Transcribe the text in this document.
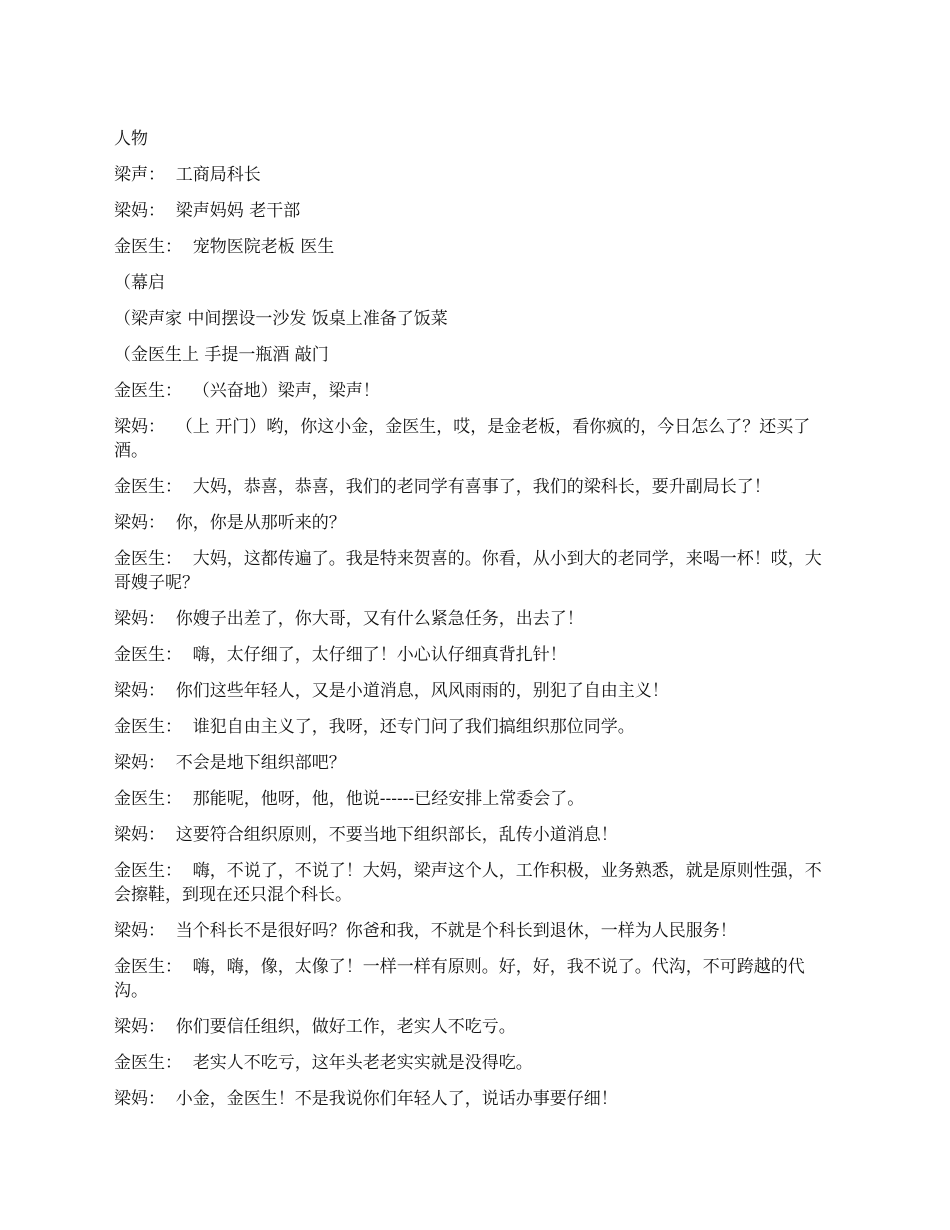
人物

梁声：  工商局科长

梁妈：  梁声妈妈 老干部

金医生：  宠物医院老板 医生

（幕启

（梁声家 中间摆设一沙发 饭桌上准备了饭菜

（金医生上 手提一瓶酒 敲门

金医生：  （兴奋地）梁声，梁声！

梁妈：  （上 开门）哟，你这小金，金医生，哎，是金老板，看你疯的，今日怎么了？还买了酒。

金医生：  大妈，恭喜，恭喜，我们的老同学有喜事了，我们的梁科长，要升副局长了！

梁妈：  你，你是从那听来的？

金医生：  大妈，这都传遍了。我是特来贺喜的。你看，从小到大的老同学，来喝一杯！哎，大哥嫂子呢？

梁妈：  你嫂子出差了，你大哥，又有什么紧急任务，出去了！

金医生：  嗨，太仔细了，太仔细了！小心认仔细真背扎针！

梁妈：  你们这些年轻人，又是小道消息，风风雨雨的，别犯了自由主义！

金医生：  谁犯自由主义了，我呀，还专门问了我们搞组织那位同学。

梁妈：  不会是地下组织部吧？

金医生：  那能呢，他呀，他，他说------已经安排上常委会了。

梁妈：  这要符合组织原则，不要当地下组织部长，乱传小道消息！

金医生：  嗨，不说了，不说了！大妈，梁声这个人，工作积极，业务熟悉，就是原则性强，不会擦鞋，到现在还只混个科长。

梁妈：  当个科长不是很好吗？你爸和我，不就是个科长到退休，一样为人民服务！

金医生：  嗨，嗨，像，太像了！一样一样有原则。好，好，我不说了。代沟，不可跨越的代沟。

梁妈：  你们要信任组织，做好工作，老实人不吃亏。

金医生：  老实人不吃亏，这年头老老实实就是没得吃。

梁妈：  小金，金医生！不是我说你们年轻人了，说话办事要仔细！
